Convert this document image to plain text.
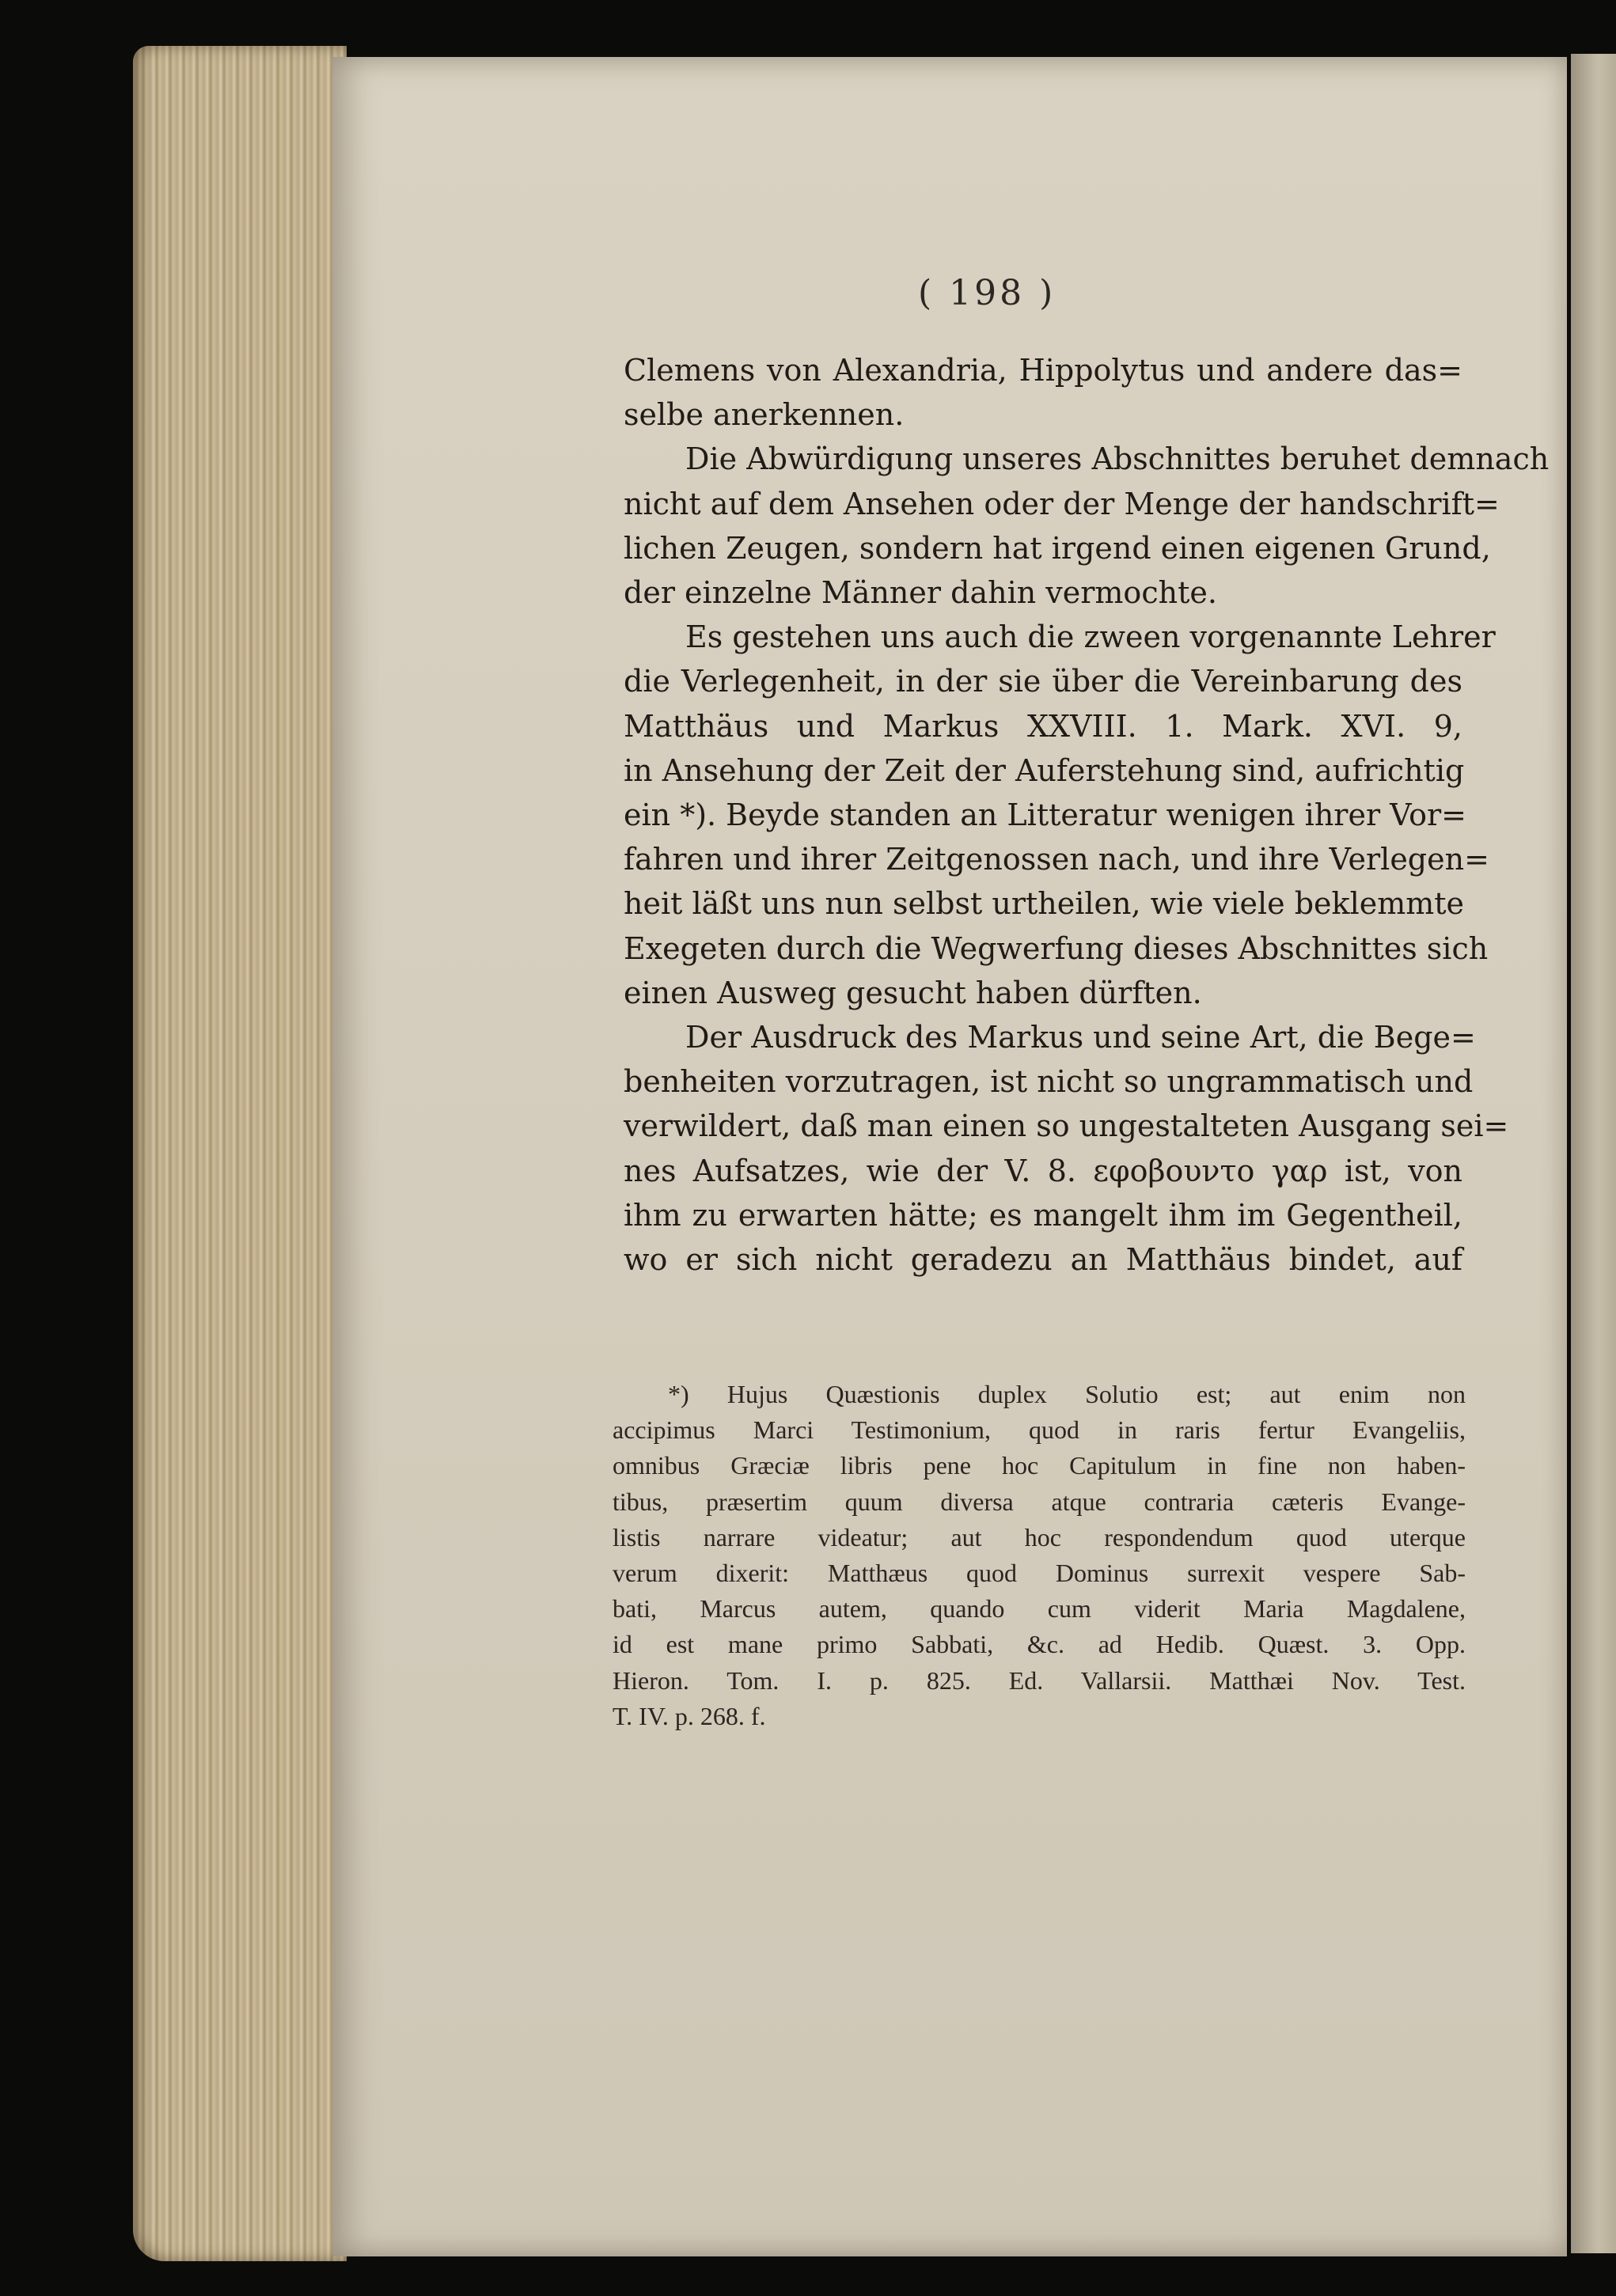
( 198 )
Clemens von Alexandria, Hippolytus und andere das=
selbe anerkennen.
Die Abwürdigung unseres Abschnittes beruhet demnach
nicht auf dem Ansehen oder der Menge der handschrift=
lichen Zeugen, sondern hat irgend einen eigenen Grund,
der einzelne Männer dahin vermochte.
Es gestehen uns auch die zween vorgenannte Lehrer
die Verlegenheit, in der sie über die Vereinbarung des
Matthäus und Markus XXVIII. 1. Mark. XVI. 9,
in Ansehung der Zeit der Auferstehung sind, aufrichtig
ein *). Beyde standen an Litteratur wenigen ihrer Vor=
fahren und ihrer Zeitgenossen nach, und ihre Verlegen=
heit läßt uns nun selbst urtheilen, wie viele beklemmte
Exegeten durch die Wegwerfung dieses Abschnittes sich
einen Ausweg gesucht haben dürften.
Der Ausdruck des Markus und seine Art, die Bege=
benheiten vorzutragen, ist nicht so ungrammatisch und
verwildert, daß man einen so ungestalteten Ausgang sei=
nes Aufsatzes, wie der V. 8. εφοβουντο γαρ ist, von
ihm zu erwarten hätte; es mangelt ihm im Gegentheil,
wo er sich nicht geradezu an Matthäus bindet, auf
*) Hujus Quæstionis duplex Solutio est; aut enim non
accipimus Marci Testimonium, quod in raris fertur Evangeliis,
omnibus Græciæ libris pene hoc Capitulum in fine non haben-
tibus, præsertim quum diversa atque contraria cæteris Evange-
listis narrare videatur; aut hoc respondendum quod uterque
verum dixerit: Matthæus quod Dominus surrexit vespere Sab-
bati, Marcus autem, quando cum viderit Maria Magdalene,
id est mane primo Sabbati, &c. ad Hedib. Quæst. 3. Opp.
Hieron. Tom. I. p. 825. Ed. Vallarsii. Matthæi Nov. Test.
T. IV. p. 268. f.
